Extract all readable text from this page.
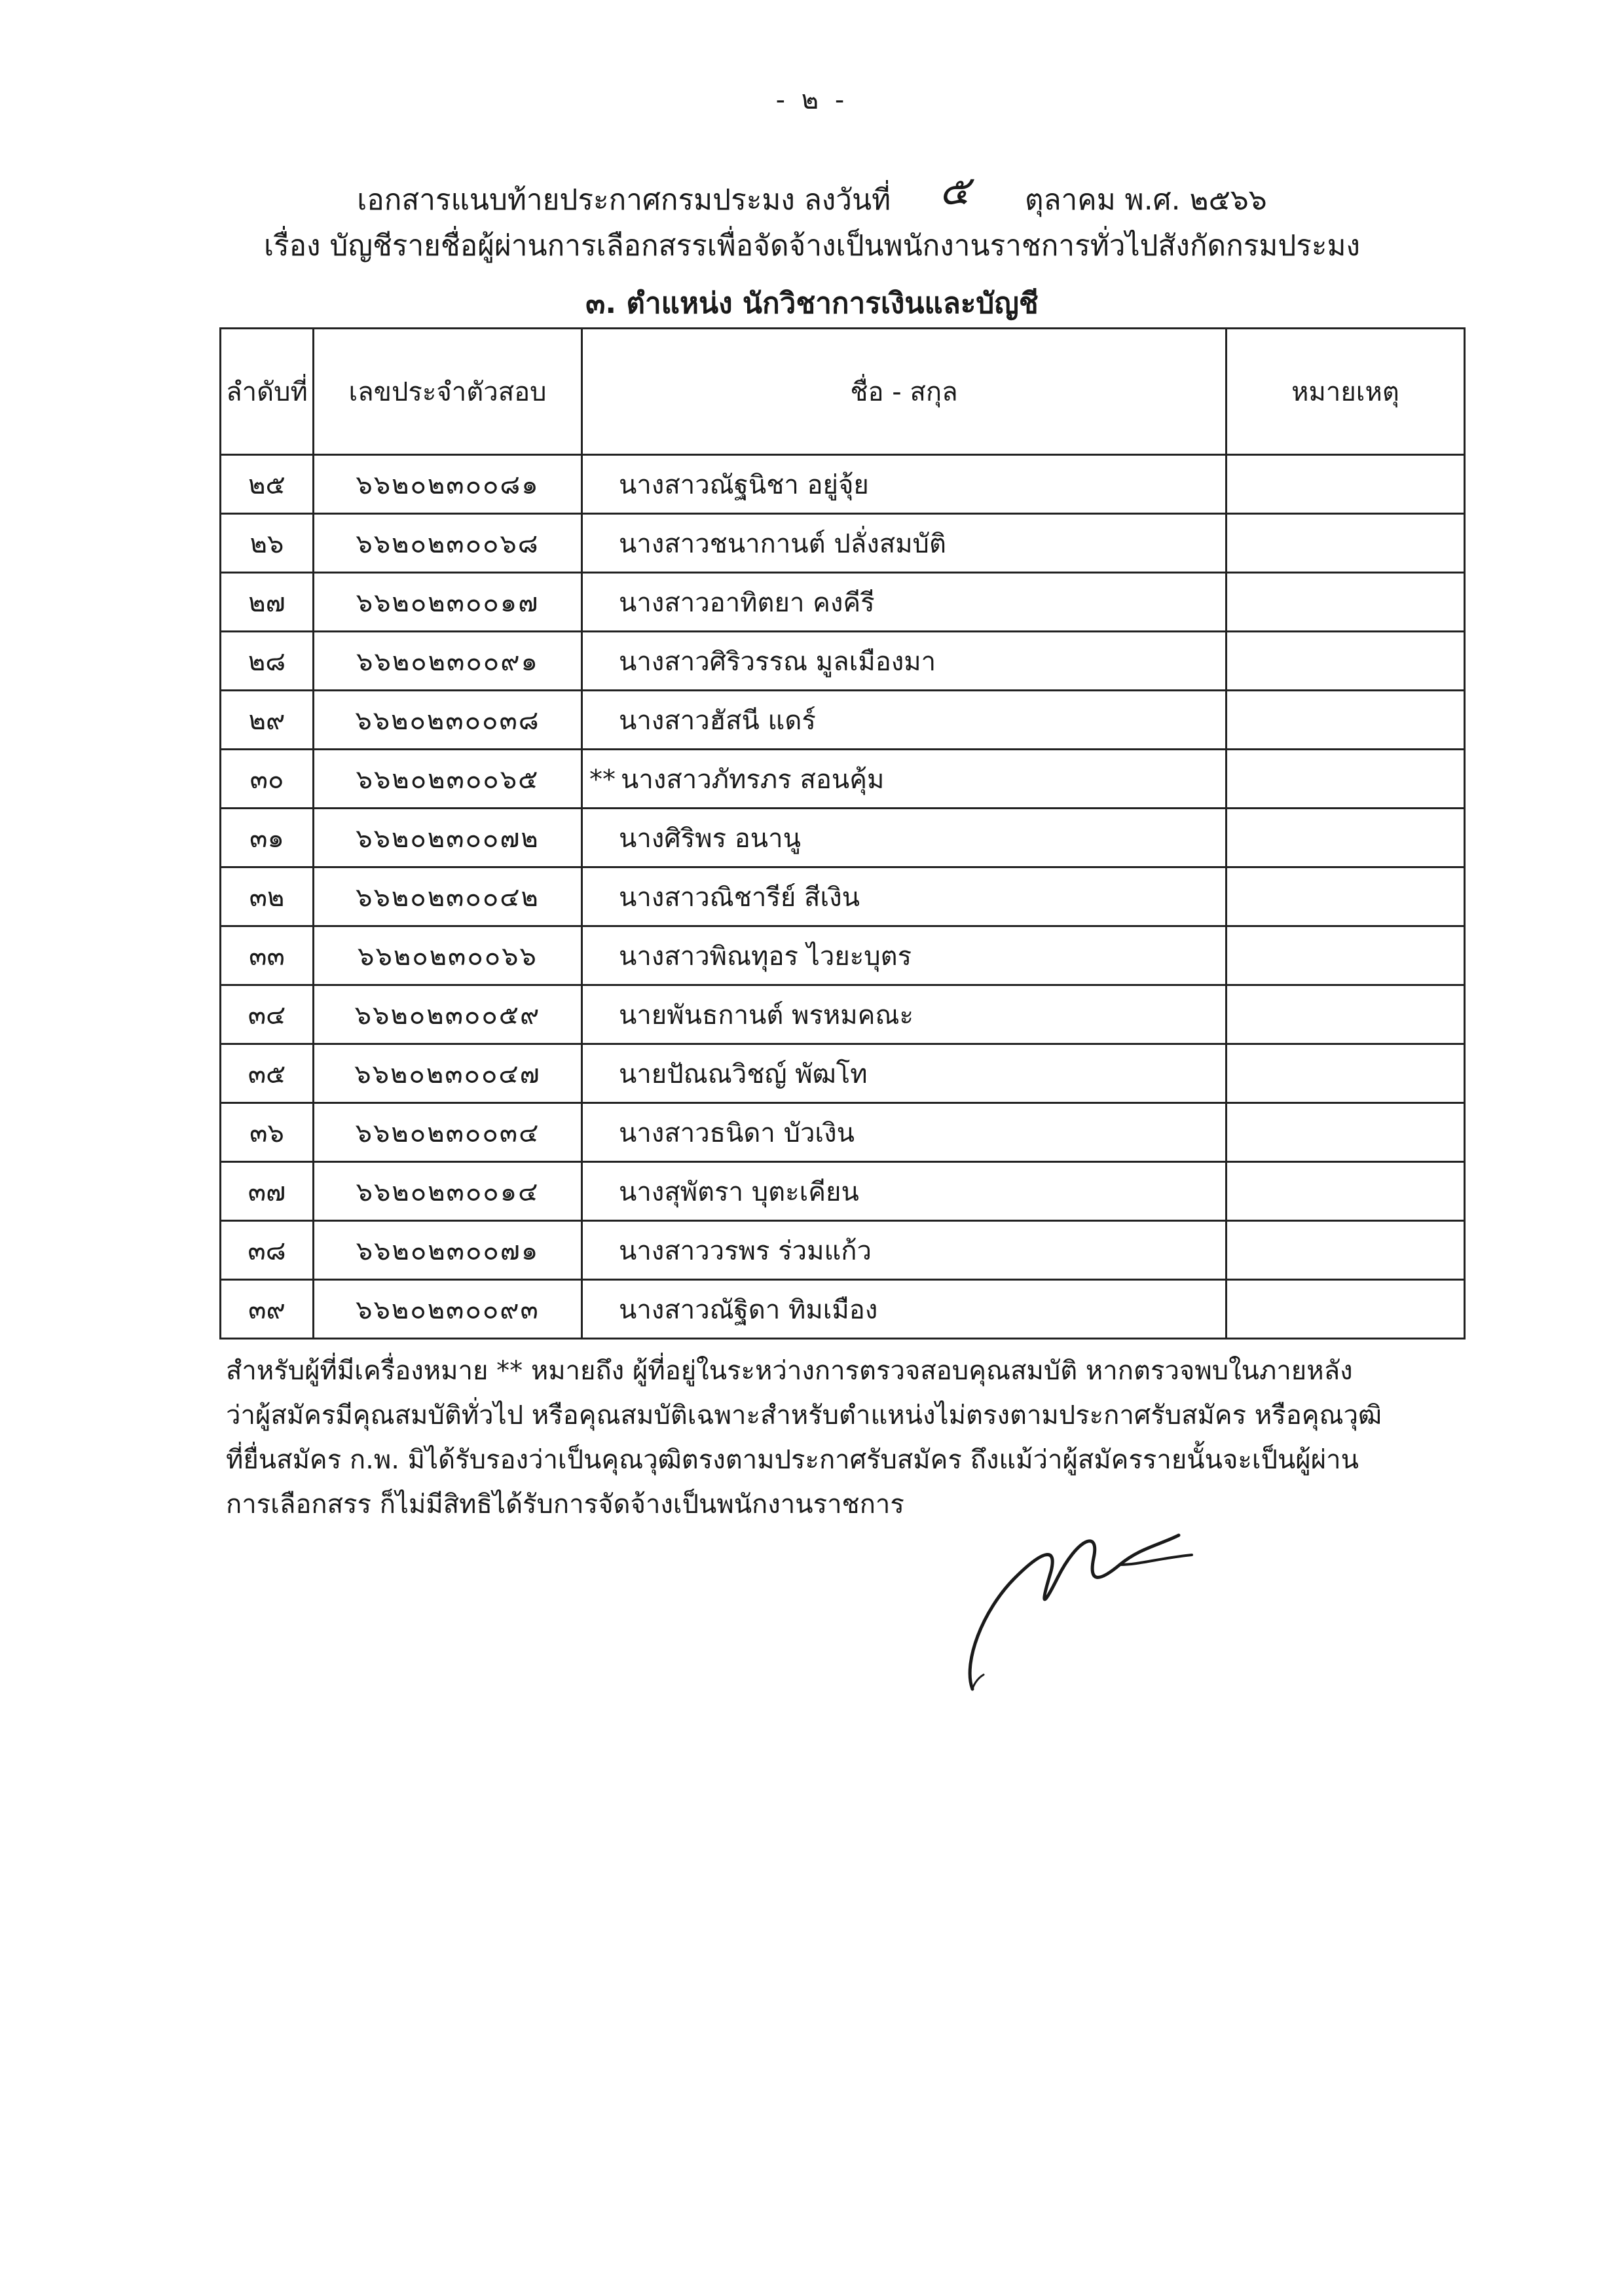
- ๒ -
เอกสารแนบท้ายประกาศกรมประมง ลงวันที่ ๕ ตุลาคม พ.ศ. ๒๕๖๖
เรื่อง บัญชีรายชื่อผู้ผ่านการเลือกสรรเพื่อจัดจ้างเป็นพนักงานราชการทั่วไปสังกัดกรมประมง
๓. ตำแหน่ง นักวิชาการเงินและบัญชี
ลำดับที่	เลขประจำตัวสอบ	ชื่อ - สกุล	หมายเหตุ
๒๕	๖๖๒๐๒๓๐๐๘๑	นางสาวณัฐนิชา อยู่จุ้ย	
๒๖	๖๖๒๐๒๓๐๐๖๘	นางสาวชนากานต์ ปลั่งสมบัติ	
๒๗	๖๖๒๐๒๓๐๐๑๗	นางสาวอาทิตยา คงคีรี	
๒๘	๖๖๒๐๒๓๐๐๙๑	นางสาวศิริวรรณ มูลเมืองมา	
๒๙	๖๖๒๐๒๓๐๐๓๘	นางสาวฮัสนี แดร์	
๓๐	๖๖๒๐๒๓๐๐๖๕	** นางสาวภัทรภร สอนคุ้ม	
๓๑	๖๖๒๐๒๓๐๐๗๒	นางศิริพร อนานู	
๓๒	๖๖๒๐๒๓๐๐๔๒	นางสาวณิชารีย์ สีเงิน	
๓๓	๖๖๒๐๒๓๐๐๖๖	นางสาวพิณทุอร ไวยะบุตร	
๓๔	๖๖๒๐๒๓๐๐๕๙	นายพันธกานต์ พรหมคณะ	
๓๕	๖๖๒๐๒๓๐๐๔๗	นายปัณณวิชญ์ พัฒโท	
๓๖	๖๖๒๐๒๓๐๐๓๔	นางสาวธนิดา บัวเงิน	
๓๗	๖๖๒๐๒๓๐๐๑๔	นางสุพัตรา บุตะเคียน	
๓๘	๖๖๒๐๒๓๐๐๗๑	นางสาววรพร ร่วมแก้ว	
๓๙	๖๖๒๐๒๓๐๐๙๓	นางสาวณัฐิดา ทิมเมือง	
สำหรับผู้ที่มีเครื่องหมาย ** หมายถึง ผู้ที่อยู่ในระหว่างการตรวจสอบคุณสมบัติ หากตรวจพบในภายหลัง
ว่าผู้สมัครมีคุณสมบัติทั่วไป หรือคุณสมบัติเฉพาะสำหรับตำแหน่งไม่ตรงตามประกาศรับสมัคร หรือคุณวุฒิ
ที่ยื่นสมัคร ก.พ. มิได้รับรองว่าเป็นคุณวุฒิตรงตามประกาศรับสมัคร ถึงแม้ว่าผู้สมัครรายนั้นจะเป็นผู้ผ่าน
การเลือกสรร ก็ไม่มีสิทธิได้รับการจัดจ้างเป็นพนักงานราชการ
